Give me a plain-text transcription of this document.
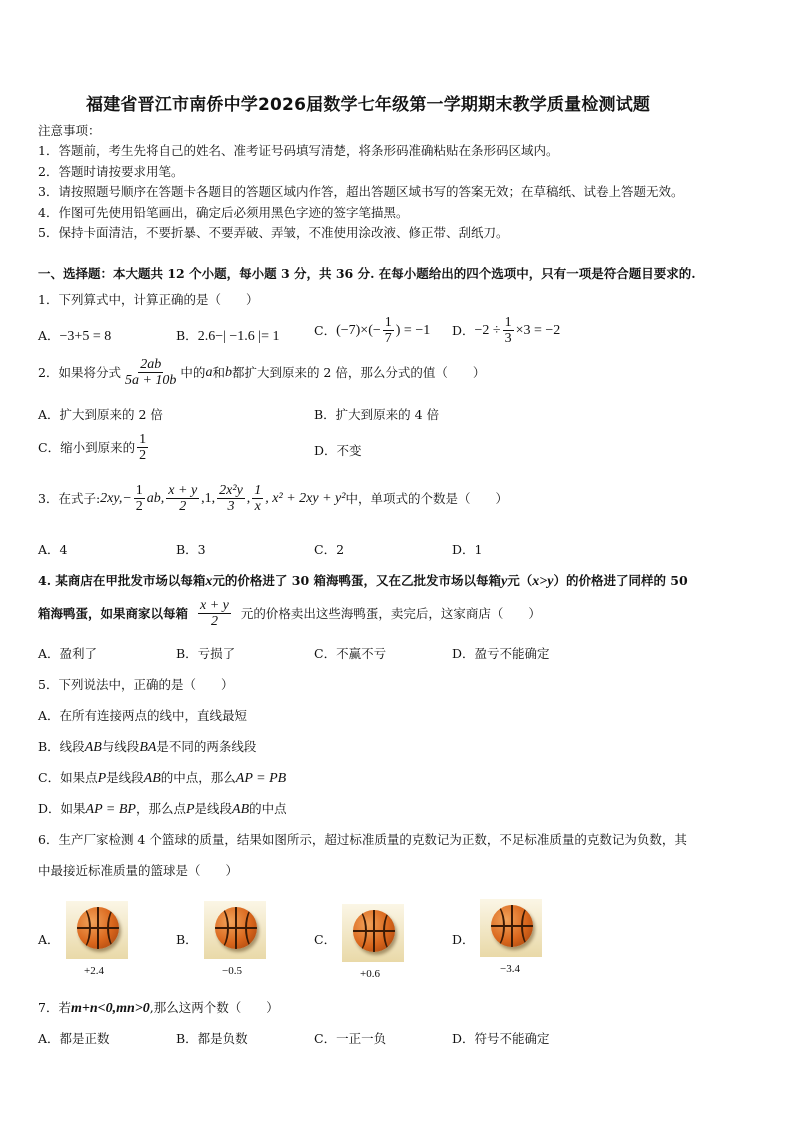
福建省晋江市南侨中学2026届数学七年级第一学期期末教学质量检测试题
注意事项：
1．答题前，考生先将自己的姓名、准考证号码填写清楚，将条形码准确粘贴在条形码区域内。
2．答题时请按要求用笔。
3．请按照题号顺序在答题卡各题目的答题区域内作答，超出答题区域书写的答案无效；在草稿纸、试卷上答题无效。
4．作图可先使用铅笔画出，确定后必须用黑色字迹的签字笔描黑。
5．保持卡面清洁，不要折暴、不要弄破、弄皱，不准使用涂改液、修正带、刮纸刀。
一、选择题：本大题共 12 个小题，每小题 3 分，共 36 分. 在每小题给出的四个选项中，只有一项是符合题目要求的.
1．下列算式中，计算正确的是（　　）
A．−3+5 = 8	B．2.6−| −1.6 |= 1	C． $(-7)\times(- \frac{1}{7}$ ) = −1 D． $-2 \div \frac{1}{3} \times 3 = -2$
2．如果将分式 $\frac{2ab}{5a + 10b}$ 中的 a 和 b 都扩大到原来的 2 倍，那么分式的值（　　）
A．扩大到原来的 2 倍	B．扩大到原来的 4 倍
C．缩小到原来的 $\frac{1}{2}$	D．不变
3．在式子: $2xy,- \frac{1}{2}$ ab, $\frac{x + y}{2} ,1$, $\frac{\text{2x²y}}{3}$ , $\frac{1}{x}$ , x² + 2xy + y² 中，单项式的个数是（　　）
A．4	B．3	C．2	D．1
4. 某商店在甲批发市场以每箱x元的价格进了 30 箱海鸭蛋，又在乙批发市场以每箱y元（x>y）的价格进了同样的 50
箱海鸭蛋，如果商家以每箱 $\frac{x + y}{2}$ 元的价格卖出这些海鸭蛋，卖完后，这家商店（　　）
A．盈利了	B．亏损了	C．不赢不亏	D．盈亏不能确定
5．下列说法中，正确的是（　　）
A．在所有连接两点的线中，直线最短
B．线段AB与线段BA是不同的两条线段
C．如果点P是线段AB的中点，那么AP = PB
D．如果AP = BP，那么点P是线段AB的中点
6．生产厂家检测 4 个篮球的质量，结果如图所示，超过标准质量的克数记为正数，不足标准质量的克数记为负数，其
中最接近标准质量的篮球是（　　）
A．
+2.4
B．
−0.5
C．
+0.6
D．
−3.4
7．若m+n<0,mn>0,那么这两个数（　　）
A．都是正数	B．都是负数	C．一正一负	D．符号不能确定
